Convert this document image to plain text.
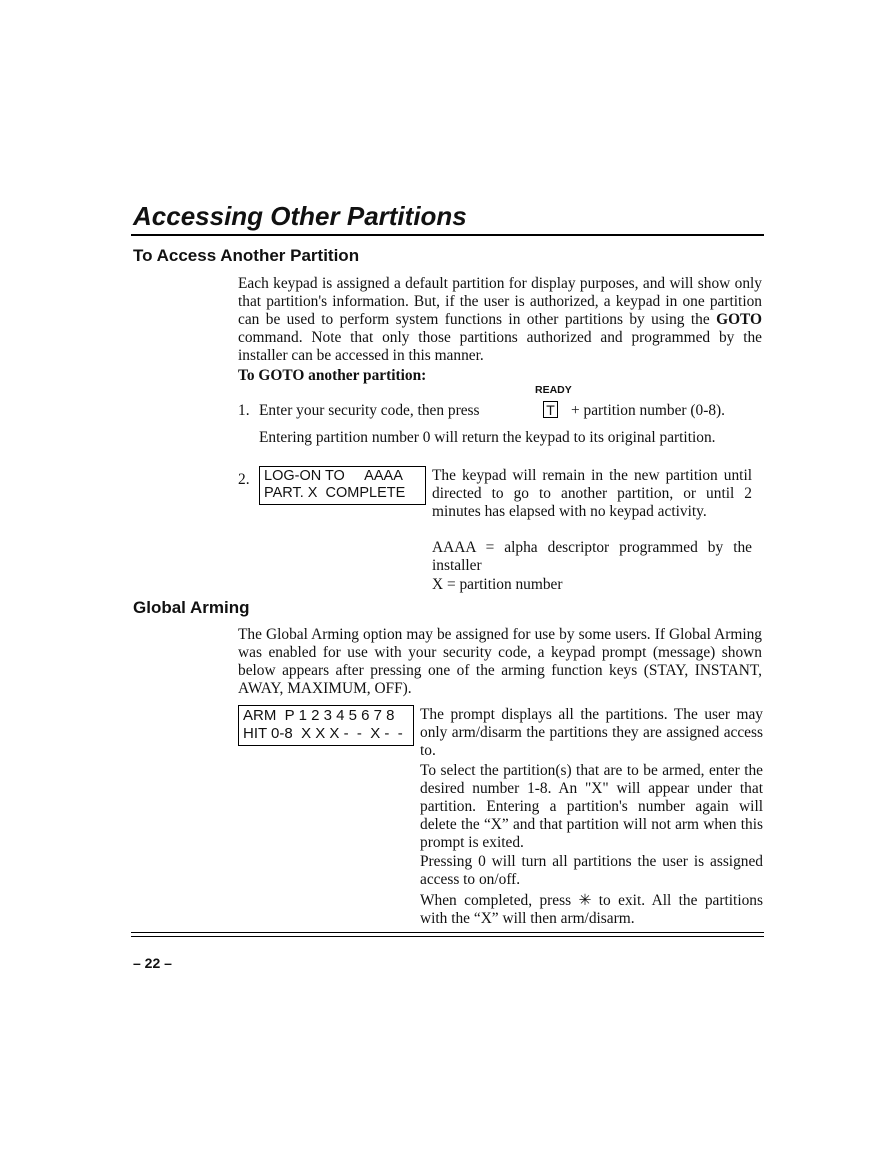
Accessing Other Partitions
To Access Another Partition

Each keypad is assigned a default partition for display purposes, and will show only that partition's information. But, if the user is authorized, a keypad in one partition can be used to perform system functions in other partitions by using the GOTO command. Note that only those partitions authorized and programmed by the installer can be accessed in this manner.

To GOTO another partition:

READY
1. Enter your security code, then press	T + partition number (0-8).

Entering partition number 0 will return the keypad to its original partition.

2. LOG-ON TO     AAAA
PART. X  COMPLETE

The keypad will remain in the new partition until directed to go to another partition, or until 2 minutes has elapsed with no keypad activity.

AAAA = alpha descriptor programmed by the installer

X = partition number

Global Arming

The Global Arming option may be assigned for use by some users. If Global Arming was enabled for use with your security code, a keypad prompt (message) shown below appears after pressing one of the arming function keys (STAY, INSTANT, AWAY, MAXIMUM, OFF).

ARM  P 1 2 3 4 5 6 7 8
HIT 0-8  X X X -  -  X -  -

The prompt displays all the partitions. The user may only arm/disarm the partitions they are assigned access to.

To select the partition(s) that are to be armed, enter the desired number 1-8. An "X" will appear under that partition. Entering a partition's number again will delete the “X” and that partition will not arm when this prompt is exited.

Pressing 0 will turn all partitions the user is assigned access to on/off.

When completed, press ✳ to exit. All the partitions with the “X” will then arm/disarm.

– 22 –
